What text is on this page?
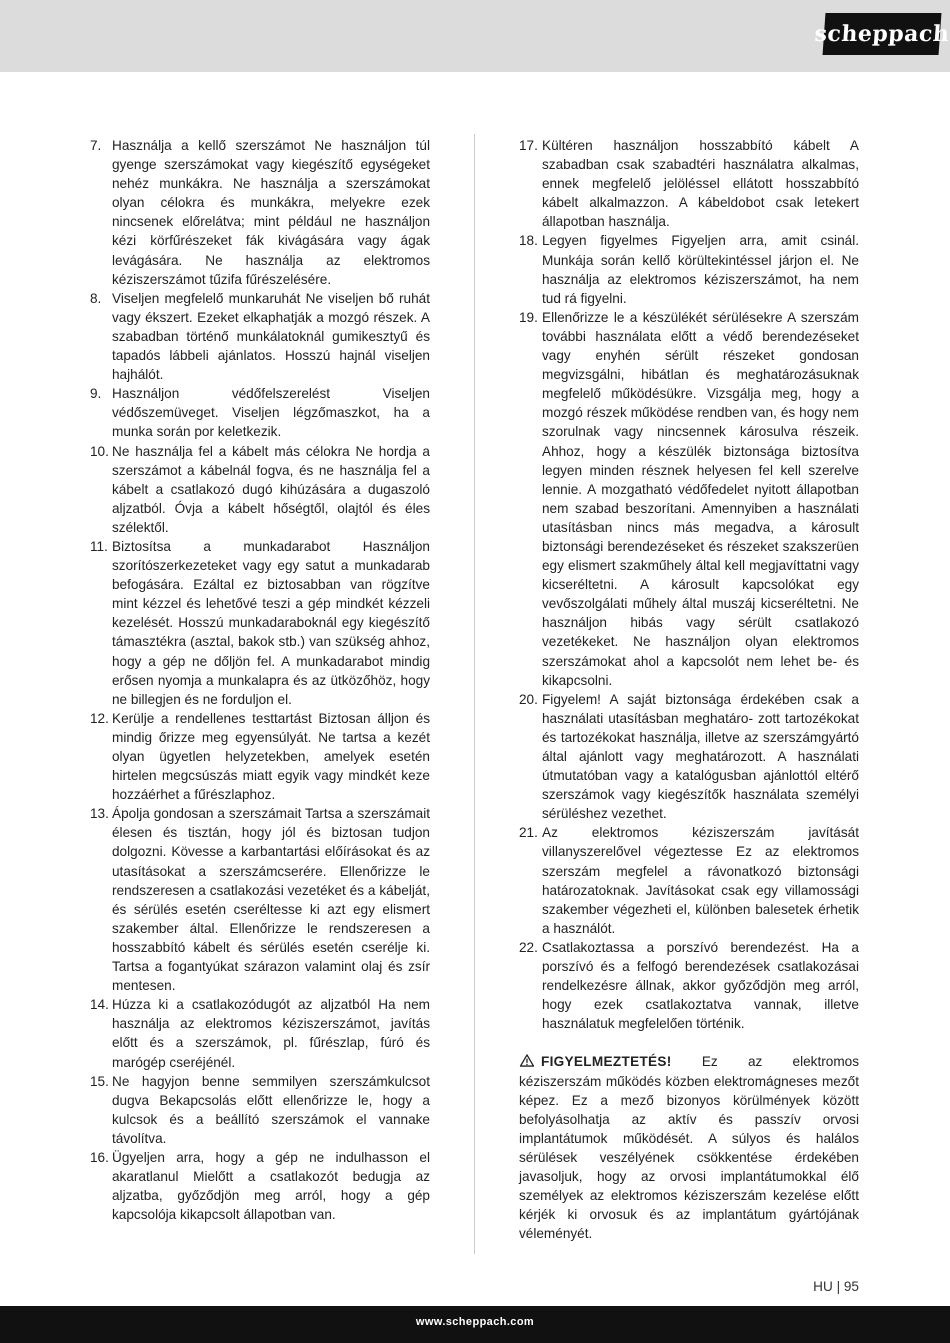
scheppach
7. Használja a kellő szerszámot Ne használjon túl gyenge szerszámokat vagy kiegészítő egységeket nehéz munkákra. Ne használja a szerszámokat olyan célokra és munkákra, melyekre ezek nincsenek előrelátva; mint például ne használjon kézi körfűrészeket fák kivágására vagy ágak levágására. Ne használja az elektromos kéziszerszámot tűzifa fűrészelésére.
8. Viseljen megfelelő munkaruhát Ne viseljen bő ruhát vagy ékszert. Ezeket elkaphatják a mozgó részek. A szabadban történő munkálatoknál gumikesztyű és tapadós lábbeli ajánlatos. Hosszú hajnál viseljen hajhálót.
9. Használjon védőfelszerelést Viseljen védőszemüveget. Viseljen légzőmaszkot, ha a munka során por keletkezik.
10. Ne használja fel a kábelt más célokra Ne hordja a szerszámot a kábelnál fogva, és ne használja fel a kábelt a csatlakozó dugó kihúzására a dugaszoló aljzatból. Óvja a kábelt hőségtől, olajtól és éles szélektől.
11. Biztosítsa a munkadarabot Használjon szorítószerkezeteket vagy egy satut a munkadarab befogására. Ezáltal ez biztosabban van rögzítve mint kézzel és lehetővé teszi a gép mindkét kézzeli kezelését. Hosszú munkadaraboknál egy kiegészítő támasztékra (asztal, bakok stb.) van szükség ahhoz, hogy a gép ne dőljön fel. A munkadarabot mindig erősen nyomja a munkalapra és az ütközőhöz, hogy ne billegjen és ne forduljon el.
12. Kerülje a rendellenes testtartást Biztosan álljon és mindig őrizze meg egyensúlyát. Ne tartsa a kezét olyan ügyetlen helyzetekben, amelyek esetén hirtelen megcsúszás miatt egyik vagy mindkét keze hozzáérhet a fűrészlaphoz.
13. Ápolja gondosan a szerszámait Tartsa a szerszámait élesen és tisztán, hogy jól és biztosan tudjon dolgozni. Kövesse a karbantartási előírásokat és az utasításokat a szerszámcserére. Ellenőrizze le rendszeresen a csatlakozási vezetéket és a kábelját, és sérülés esetén cseréltesse ki azt egy elismert szakember által. Ellenőrizze le rendszeresen a hosszabbító kábelt és sérülés esetén cserélje ki. Tartsa a fogantyúkat szárazon valamint olaj és zsír mentesen.
14. Húzza ki a csatlakozódugót az aljzatból Ha nem használja az elektromos kéziszerszámot, javítás előtt és a szerszámok, pl. fűrészlap, fúró és marógép cseréjénél.
15. Ne hagyjon benne semmilyen szerszámkulcsot dugva Bekapcsolás előtt ellenőrizze le, hogy a kulcsok és a beállító szerszámok el vannake távolítva.
16. Ügyeljen arra, hogy a gép ne indulhasson el akaratlanul Mielőtt a csatlakozót bedugja az aljzatba, győződjön meg arról, hogy a gép kapcsolója kikapcsolt állapotban van.
17. Kültéren használjon hosszabbító kábelt A szabadban csak szabadtéri használatra alkalmas, ennek megfelelő jelöléssel ellátott hosszabbító kábelt alkalmazzon. A kábeldobot csak letekert állapotban használja.
18. Legyen figyelmes Figyeljen arra, amit csinál. Munkája során kellő körültekintéssel járjon el. Ne használja az elektromos kéziszerszámot, ha nem tud rá figyelni.
19. Ellenőrizze le a készülékét sérülésekre A szerszám további használata előtt a védő berendezéseket vagy enyhén sérült részeket gondosan megvizsgálni, hibátlan és meghatározásuknak megfelelő működésükre. Vizsgálja meg, hogy a mozgó részek működése rendben van, és hogy nem szorulnak vagy nincsennek károsulva részeik. Ahhoz, hogy a készülék biztonsága biztosítva legyen minden résznek helyesen fel kell szerelve lennie. A mozgatható védőfedelet nyitott állapotban nem szabad beszorítani. Amennyiben a használati utasításban nincs más megadva, a károsult biztonsági berendezéseket és részeket szakszerüen egy elismert szakműhely által kell megjavíttatni vagy kicseréltetni. A károsult kapcsolókat egy vevőszolgálati műhely által muszáj kicseréltetni. Ne használjon hibás vagy sérült csatlakozó vezetékeket. Ne használjon olyan elektromos szerszámokat ahol a kapcsolót nem lehet be- és kikapcsolni.
20. Figyelem! A saját biztonsága érdekében csak a használati utasításban meghatáro- zott tartozékokat és tartozékokat használja, illetve az szerszámgyártó által ajánlott vagy meghatározott. A használati útmutatóban vagy a katalógusban ajánlottól eltérő szerszámok vagy kiegészítők használata személyi sérüléshez vezethet.
21. Az elektromos kéziszerszám javítását villanyszerelővel végeztesse Ez az elektromos szerszám megfelel a rávonatkozó biztonsági határozatoknak. Javításokat csak egy villamossági szakember végezheti el, különben balesetek érhetik a használót.
22. Csatlakoztassa a porszívó berendezést. Ha a porszívó és a felfogó berendezések csatlakozásai rendelkezésre állnak, akkor győződjön meg arról, hogy ezek csatlakoztatva vannak, illetve használatuk megfelelően történik.
FIGYELMEZTETÉS! Ez az elektromos kéziszerszám működés közben elektromágneses mezőt képez. Ez a mező bizonyos körülmények között befolyásolhatja az aktív és passzív orvosi implantátumok működését. A súlyos és halálos sérülések veszélyének csökkentése érdekében javasoljuk, hogy az orvosi implantátumokkal élő személyek az elektromos kéziszerszám kezelése előtt kérjék ki orvosuk és az implantátum gyártójának véleményét.
HU | 95
www.scheppach.com
